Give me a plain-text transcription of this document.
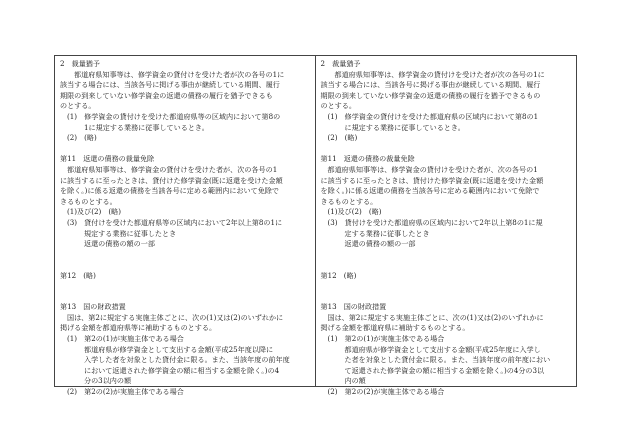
2　裁量猶予
都道府県知事等は、修学資金の貸付けを受けた者が次の各号の1に
該当する場合には、当該各号に掲げる事由が継続している期間、履行
期限の到来していない修学資金の返還の債務の履行を猶予できるも
のとする。
(1)　修学資金の貸付けを受けた都道府県等の区域内において第8の
1に規定する業務に従事しているとき。
(2)　(略)
第11　返還の債務の裁量免除
都道府県知事等は、修学資金の貸付けを受けた者が、次の各号の1
に該当するに至ったときは、貸付けた修学資金(既に返還を受けた金額
を除く。)に係る返還の債務を当該各号に定める範囲内において免除で
きるものとする。
(1)及び(2)　(略)
(3)　貸付けを受けた都道府県等の区域内において2年以上第8の1に
規定する業務に従事したとき
返還の債務の額の一部
第12　(略)
第13　国の財政措置
国は、第2に規定する実施主体ごとに、次の(1)又は(2)のいずれかに
掲げる金額を都道府県等に補助するものとする。
(1)　第2の(1)が実施主体である場合
都道府県が修学資金として支出する金額(平成25年度以降に
入学した者を対象とした貸付金に限る。また、当該年度の前年度
において返還された修学資金の額に相当する金額を除く。)の4
分の3以内の額
(2)　第2の(2)が実施主体である場合
2　裁量猶予
都道府県知事等は、修学資金の貸付けを受けた者が次の各号の1に
該当する場合には、当該各号に掲げる事由が継続している期間、履行
期限の到来していない修学資金の返還の債務の履行を猶予できるもの
のとする。
(1)　修学資金の貸付けを受けた都道府県の区域内において第8の1
に規定する業務に従事しているとき。
(2)　(略)
第11　返還の債務の裁量免除
都道府県知事等は、修学資金の貸付けを受けた者が、次の各号の1
に該当するに至ったときは、貸付けた修学資金(既に返還を受けた金額
を除く。)に係る返還の債務を当該各号に定める範囲内において免除で
きるものとする。
(1)及び(2)　(略)
(3)　貸付けを受けた都道府県の区域内において2年以上第8の1に規
定する業務に従事したとき
返還の債務の額の一部
第12　(略)
第13　国の財政措置
国は、第2に規定する実施主体ごとに、次の(1)又は(2)のいずれかに
掲げる金額を都道府県に補助するものとする。
(1)　第2の(1)が実施主体である場合
都道府県が修学資金として支出する金額(平成25年度に入学し
た者を対象とした貸付金に限る。また、当該年度の前年度におい
て返還された修学資金の額に相当する金額を除く。)の4分の3以
内の額
(2)　第2の(2)が実施主体である場合
